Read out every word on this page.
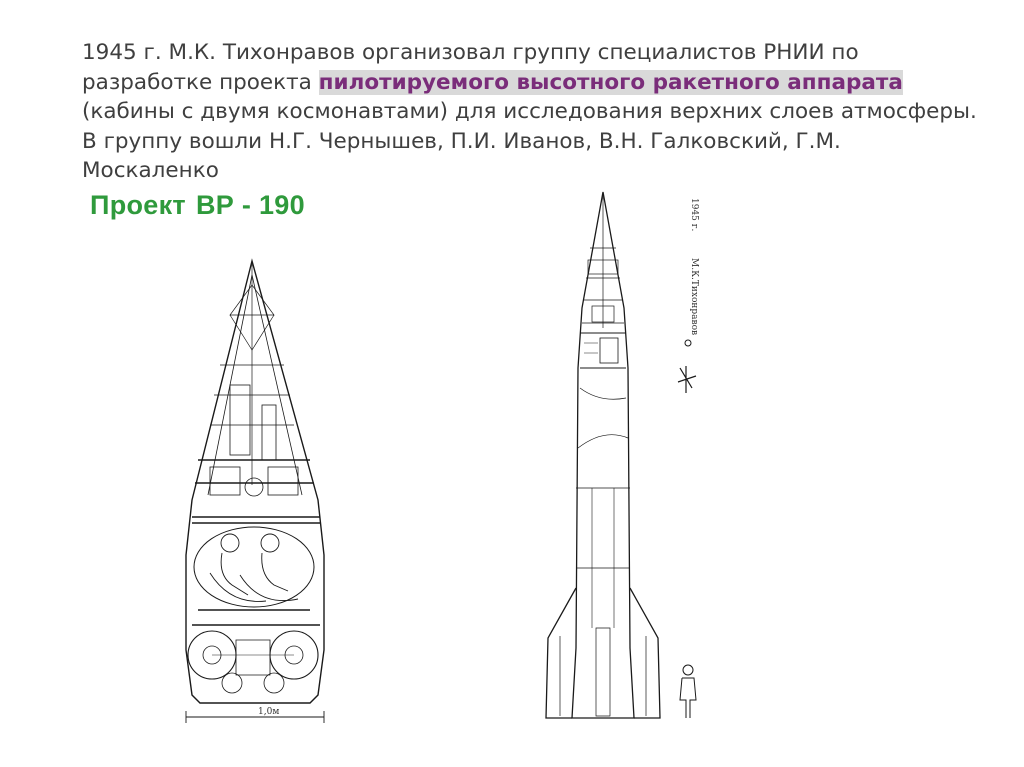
1945 г. М.К. Тихонравов организовал группу специалистов РНИИ по разработке проекта пилотируемого высотного ракетного аппарата (кабины с двумя космонавтами) для исследования верхних слоев атмосферы. В группу вошли Н.Г. Чернышев, П.И. Иванов, В.Н. Галковский, Г.М. Москаленко
Проект ВР - 190
1,0м
1945 г.
М.К.Тихонравов
